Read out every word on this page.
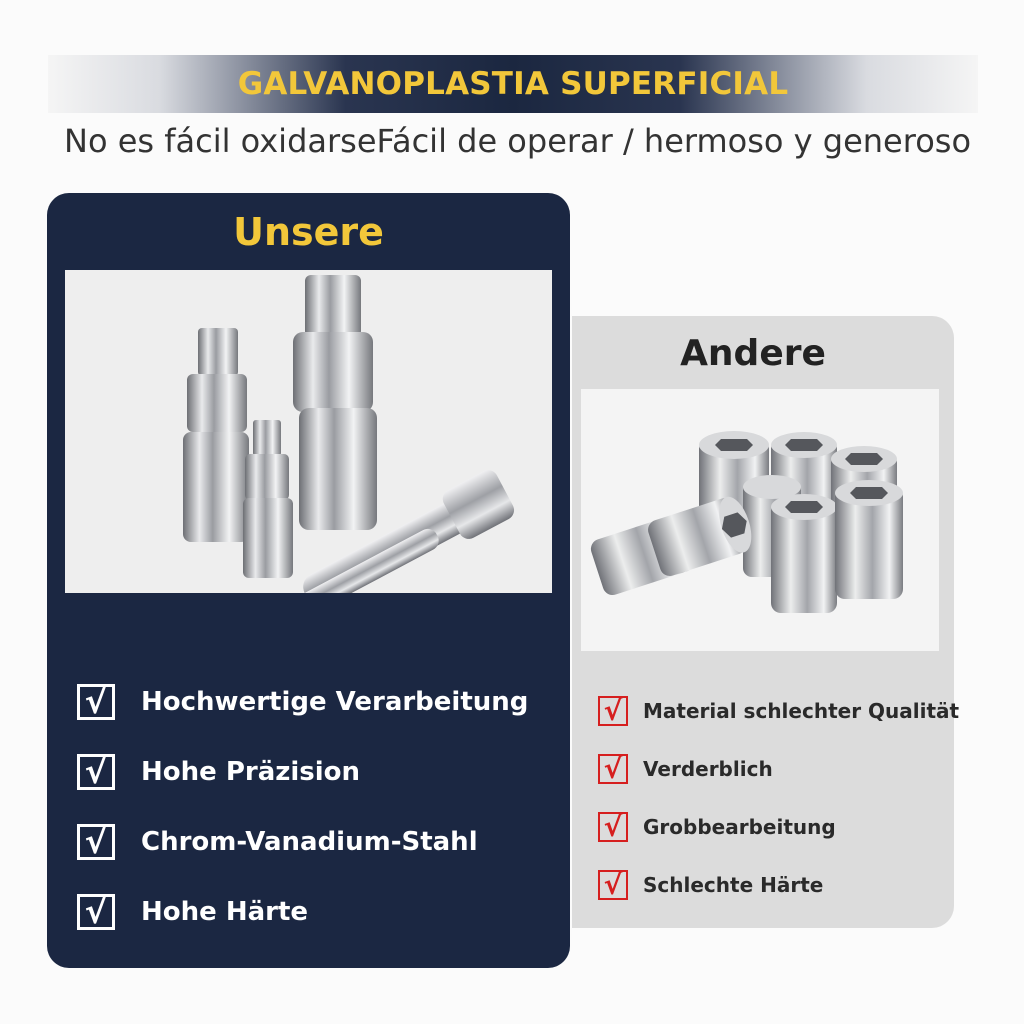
GALVANOPLASTIA SUPERFICIAL
No es fácil oxidarseFácil de operar / hermoso y generoso
Unsere
√ Hochwertige Verarbeitung
√ Hohe Präzision
√ Chrom-Vanadium-Stahl
√ Hohe Härte
Andere
√ Material schlechter Qualität
√ Verderblich
√ Grobbearbeitung
√ Schlechte Härte
